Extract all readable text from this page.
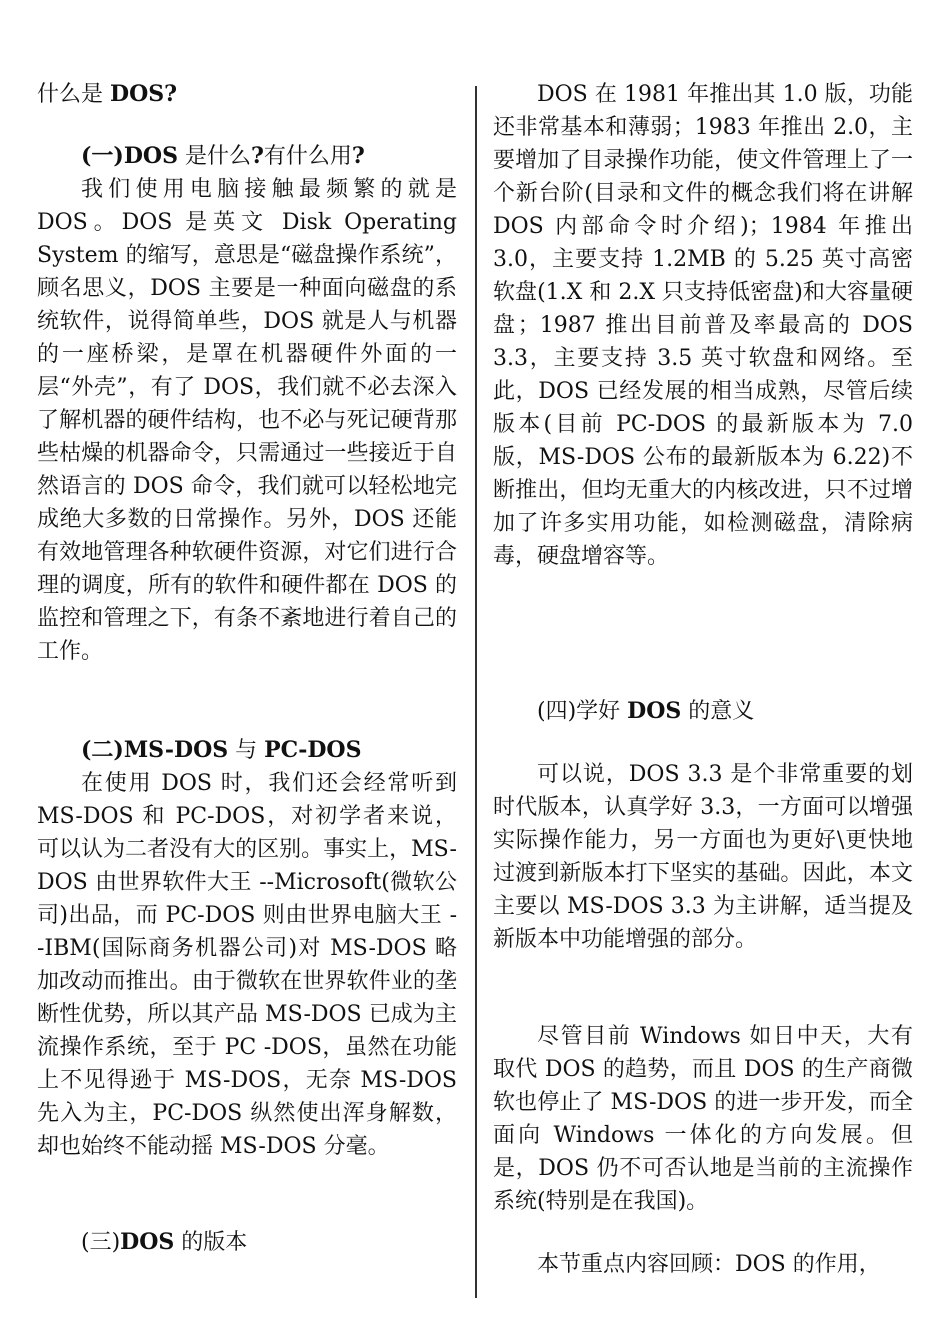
什么是 DOS?

(一)DOS 是什么?有什么用?

我们使用电脑接触最频繁的就是 DOS。DOS 是英文 Disk Operating System 的缩写，意思是“磁盘操作系统”，顾名思义，DOS 主要是一种面向磁盘的系统软件，说得简单些，DOS 就是人与机器的一座桥梁，是罩在机器硬件外面的一层“外壳”，有了 DOS，我们就不必去深入了解机器的硬件结构，也不必与死记硬背那些枯燥的机器命令，只需通过一些接近于自然语言的 DOS 命令，我们就可以轻松地完成绝大多数的日常操作。另外，DOS 还能有效地管理各种软硬件资源，对它们进行合理的调度，所有的软件和硬件都在 DOS 的监控和管理之下，有条不紊地进行着自己的工作。

(二)MS-DOS 与 PC-DOS

在使用 DOS 时，我们还会经常听到 MS-DOS 和 PC-DOS，对初学者来说，可以认为二者没有大的区别。事实上，MS-DOS 由世界软件大王 --Microsoft(微软公司)出品，而 PC-DOS 则由世界电脑大王 --IBM(国际商务机器公司)对 MS-DOS 略加改动而推出。由于微软在世界软件业的垄断性优势，所以其产品 MS-DOS 已成为主流操作系统，至于 PC -DOS，虽然在功能上不见得逊于 MS-DOS，无奈 MS-DOS 先入为主，PC-DOS 纵然使出浑身解数，却也始终不能动摇 MS-DOS 分毫。

(三)DOS 的版本

DOS 在 1981 年推出其 1.0 版，功能还非常基本和薄弱；1983 年推出 2.0，主要增加了目录操作功能，使文件管理上了一个新台阶(目录和文件的概念我们将在讲解 DOS 内部命令时介绍)；1984 年推出 3.0，主要支持 1.2MB 的 5.25 英寸高密软盘(1.X 和 2.X 只支持低密盘)和大容量硬盘；1987 推出目前普及率最高的 DOS 3.3，主要支持 3.5 英寸软盘和网络。至此，DOS 已经发展的相当成熟，尽管后续版本(目前 PC-DOS 的最新版本为 7.0 版，MS-DOS 公布的最新版本为 6.22)不断推出，但均无重大的内核改进，只不过增加了许多实用功能，如检测磁盘，清除病毒，硬盘增容等。

(四)学好 DOS 的意义

可以说，DOS 3.3 是个非常重要的划时代版本，认真学好 3.3，一方面可以增强实际操作能力，另一方面也为更好\更快地过渡到新版本打下坚实的基础。因此，本文主要以 MS-DOS 3.3 为主讲解，适当提及新版本中功能增强的部分。

尽管目前 Windows 如日中天，大有取代 DOS 的趋势，而且 DOS 的生产商微软也停止了 MS-DOS 的进一步开发，而全面向 Windows 一体化的方向发展。但是，DOS 仍不可否认地是当前的主流操作系统(特别是在我国)。

本节重点内容回顾：DOS 的作用，
